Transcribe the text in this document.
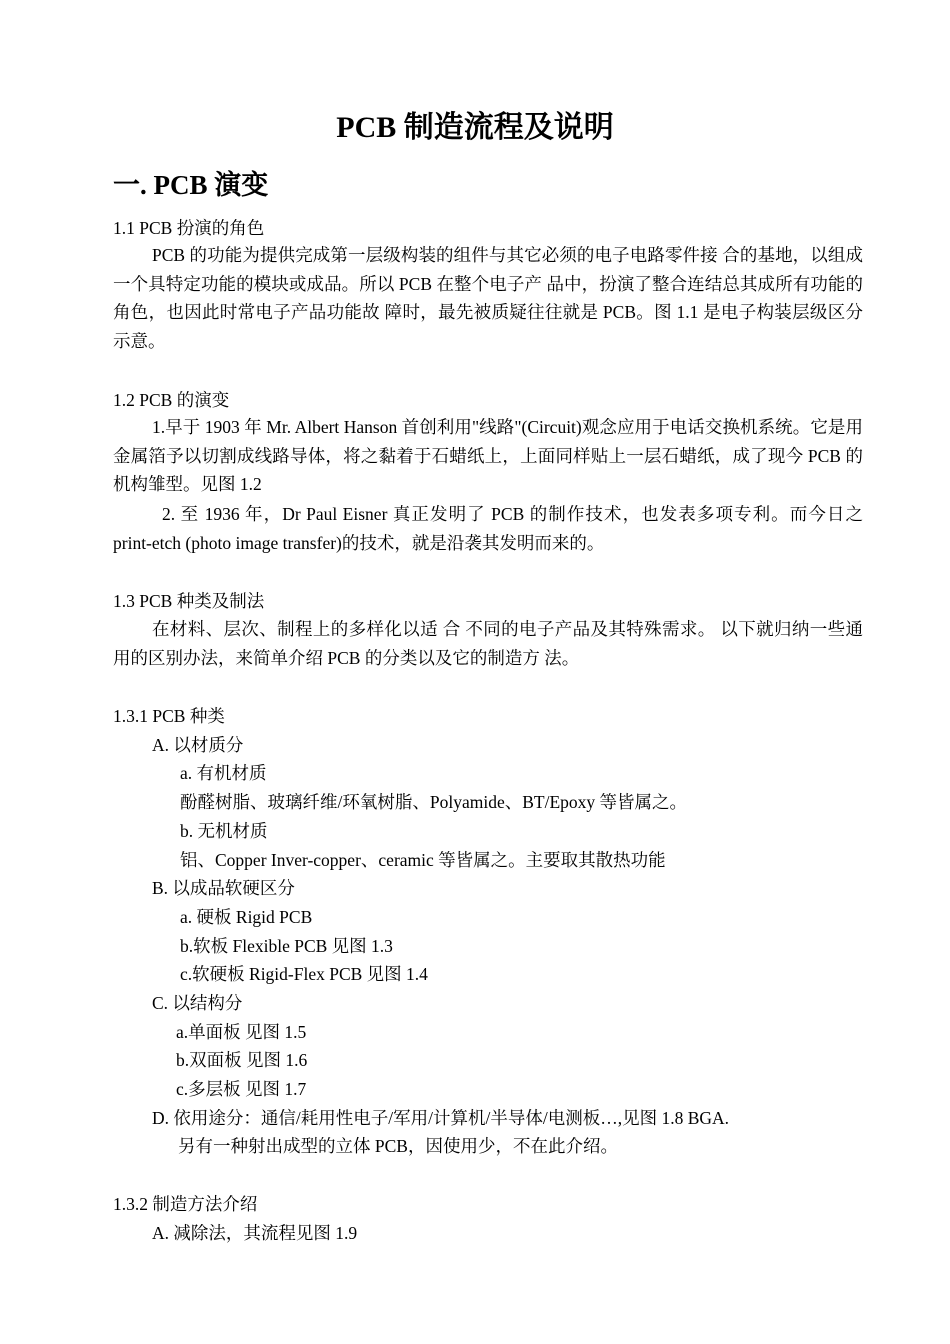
PCB 制造流程及说明
一. PCB 演变
1.1 PCB 扮演的角色
PCB 的功能为提供完成第一层级构装的组件与其它必须的电子电路零件接 合的基地，以组成一个具特定功能的模块或成品。所以 PCB 在整个电子产 品中，扮演了整合连结总其成所有功能的角色，也因此时常电子产品功能故 障时，最先被质疑往往就是 PCB。图 1.1 是电子构装层级区分示意。
1.2 PCB 的演变
1.早于 1903 年 Mr. Albert Hanson 首创利用"线路"(Circuit)观念应用于电话交换机系统。它是用金属箔予以切割成线路导体，将之黏着于石蜡纸上，上面同样贴上一层石蜡纸，成了现今 PCB 的机构雏型。见图 1.2
2. 至 1936 年，Dr Paul Eisner 真正发明了 PCB 的制作技术，也发表多项专利。而今日之 print-etch (photo image transfer)的技术，就是沿袭其发明而来的。
1.3 PCB 种类及制法
在材料、层次、制程上的多样化以适 合 不同的电子产品及其特殊需求。 以下就归纳一些通用的区别办法，来简单介绍 PCB 的分类以及它的制造方 法。
1.3.1 PCB 种类
A. 以材质分
a. 有机材质
酚醛树脂、玻璃纤维/环氧树脂、Polyamide、BT/Epoxy 等皆属之。
b. 无机材质
铝、Copper Inver-copper、ceramic 等皆属之。主要取其散热功能
B. 以成品软硬区分
a. 硬板 Rigid PCB
b.软板 Flexible PCB 见图 1.3
c.软硬板 Rigid-Flex PCB 见图 1.4
C. 以结构分
a.单面板 见图 1.5
b.双面板 见图 1.6
c.多层板 见图 1.7
D. 依用途分：通信/耗用性电子/军用/计算机/半导体/电测板…,见图 1.8 BGA.
另有一种射出成型的立体 PCB，因使用少，不在此介绍。
1.3.2 制造方法介绍
A. 减除法，其流程见图 1.9
